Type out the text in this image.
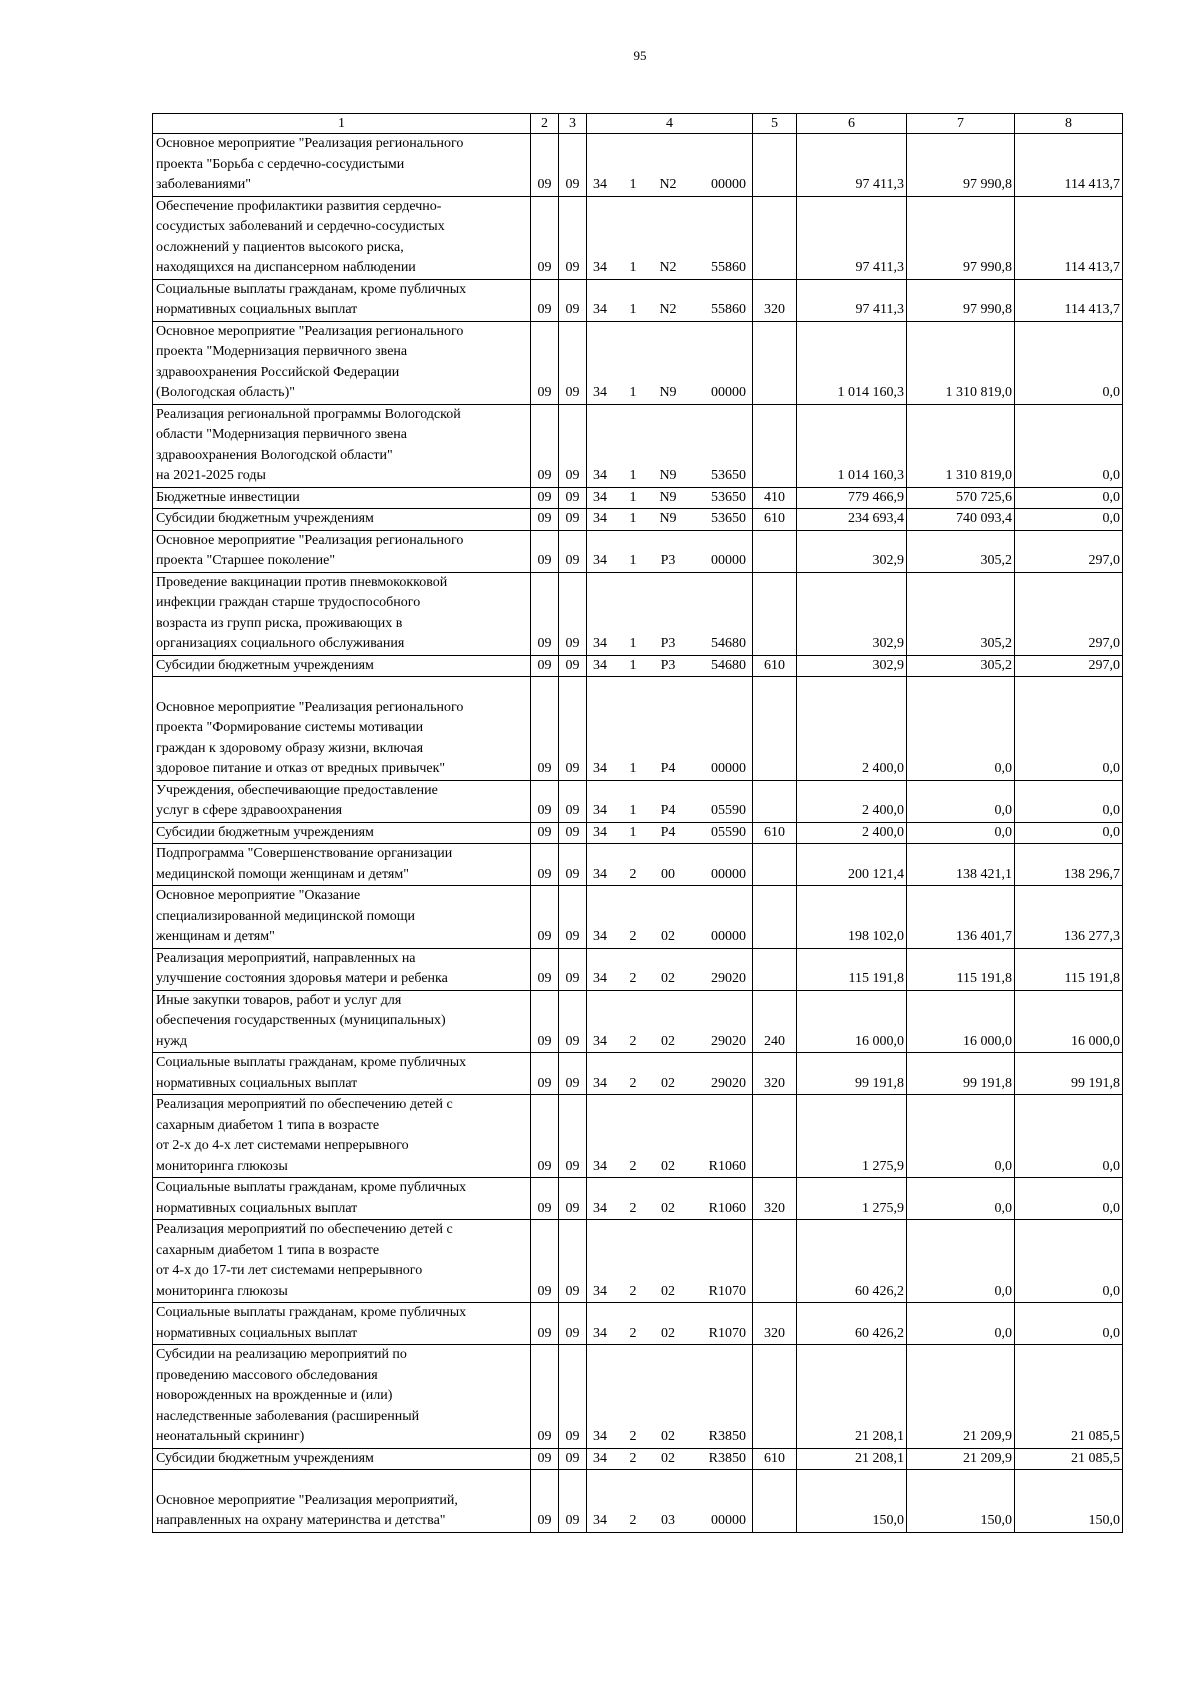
95
1	2	3	4	5	6	7	8
Основное мероприятие "Реализация регионального
проекта "Борьба с сердечно-сосудистыми
заболеваниями"	09	09	34 1 N2 00000		97 411,3	97 990,8	114 413,7
Обеспечение профилактики развития сердечно-
сосудистых заболеваний и сердечно-сосудистых
осложнений у пациентов высокого риска,
находящихся на диспансерном наблюдении	09	09	34 1 N2 55860		97 411,3	97 990,8	114 413,7
Социальные выплаты гражданам, кроме публичных
нормативных социальных выплат	09	09	34 1 N2 55860	320	97 411,3	97 990,8	114 413,7
Основное мероприятие "Реализация регионального
проекта "Модернизация первичного звена
здравоохранения Российской Федерации
(Вологодская область)"	09	09	34 1 N9 00000		1 014 160,3	1 310 819,0	0,0
Реализация региональной программы Вологодской
области "Модернизация первичного звена
здравоохранения Вологодской области"
на 2021-2025 годы	09	09	34 1 N9 53650		1 014 160,3	1 310 819,0	0,0
Бюджетные инвестиции	09	09	34 1 N9 53650	410	779 466,9	570 725,6	0,0
Субсидии бюджетным учреждениям	09	09	34 1 N9 53650	610	234 693,4	740 093,4	0,0
Основное мероприятие "Реализация регионального
проекта "Старшее поколение"	09	09	34 1 P3 00000		302,9	305,2	297,0
Проведение вакцинации против пневмококковой
инфекции граждан старше трудоспособного
возраста из групп риска, проживающих в
организациях социального обслуживания	09	09	34 1 P3 54680		302,9	305,2	297,0
Субсидии бюджетным учреждениям	09	09	34 1 P3 54680	610	302,9	305,2	297,0

Основное мероприятие "Реализация регионального
проекта "Формирование системы мотивации
граждан к здоровому образу жизни, включая
здоровое питание и отказ от вредных привычек"	09	09	34 1 P4 00000		2 400,0	0,0	0,0
Учреждения, обеспечивающие предоставление
услуг в сфере здравоохранения	09	09	34 1 P4 05590		2 400,0	0,0	0,0
Субсидии бюджетным учреждениям	09	09	34 1 P4 05590	610	2 400,0	0,0	0,0
Подпрограмма "Совершенствование организации
медицинской помощи женщинам и детям"	09	09	34 2 00 00000		200 121,4	138 421,1	138 296,7
Основное мероприятие "Оказание
специализированной медицинской помощи
женщинам и детям"	09	09	34 2 02 00000		198 102,0	136 401,7	136 277,3
Реализация мероприятий, направленных на
улучшение состояния здоровья матери и ребенка	09	09	34 2 02 29020		115 191,8	115 191,8	115 191,8
Иные закупки товаров, работ и услуг для
обеспечения государственных (муниципальных)
нужд	09	09	34 2 02 29020	240	16 000,0	16 000,0	16 000,0
Социальные выплаты гражданам, кроме публичных
нормативных социальных выплат	09	09	34 2 02 29020	320	99 191,8	99 191,8	99 191,8
Реализация мероприятий по обеспечению детей с
сахарным диабетом 1 типа в возрасте
от 2-х до 4-х лет системами непрерывного
мониторинга глюкозы	09	09	34 2 02 R1060		1 275,9	0,0	0,0
Социальные выплаты гражданам, кроме публичных
нормативных социальных выплат	09	09	34 2 02 R1060	320	1 275,9	0,0	0,0
Реализация мероприятий по обеспечению детей с
сахарным диабетом 1 типа в возрасте
от 4-х до 17-ти лет системами непрерывного
мониторинга глюкозы	09	09	34 2 02 R1070		60 426,2	0,0	0,0
Социальные выплаты гражданам, кроме публичных
нормативных социальных выплат	09	09	34 2 02 R1070	320	60 426,2	0,0	0,0
Субсидии на реализацию мероприятий по
проведению массового обследования
новорожденных на врожденные и (или)
наследственные заболевания (расширенный
неонатальный скрининг)	09	09	34 2 02 R3850		21 208,1	21 209,9	21 085,5
Субсидии бюджетным учреждениям	09	09	34 2 02 R3850	610	21 208,1	21 209,9	21 085,5

Основное мероприятие "Реализация мероприятий,
направленных на охрану материнства и детства"	09	09	34 2 03 00000		150,0	150,0	150,0
